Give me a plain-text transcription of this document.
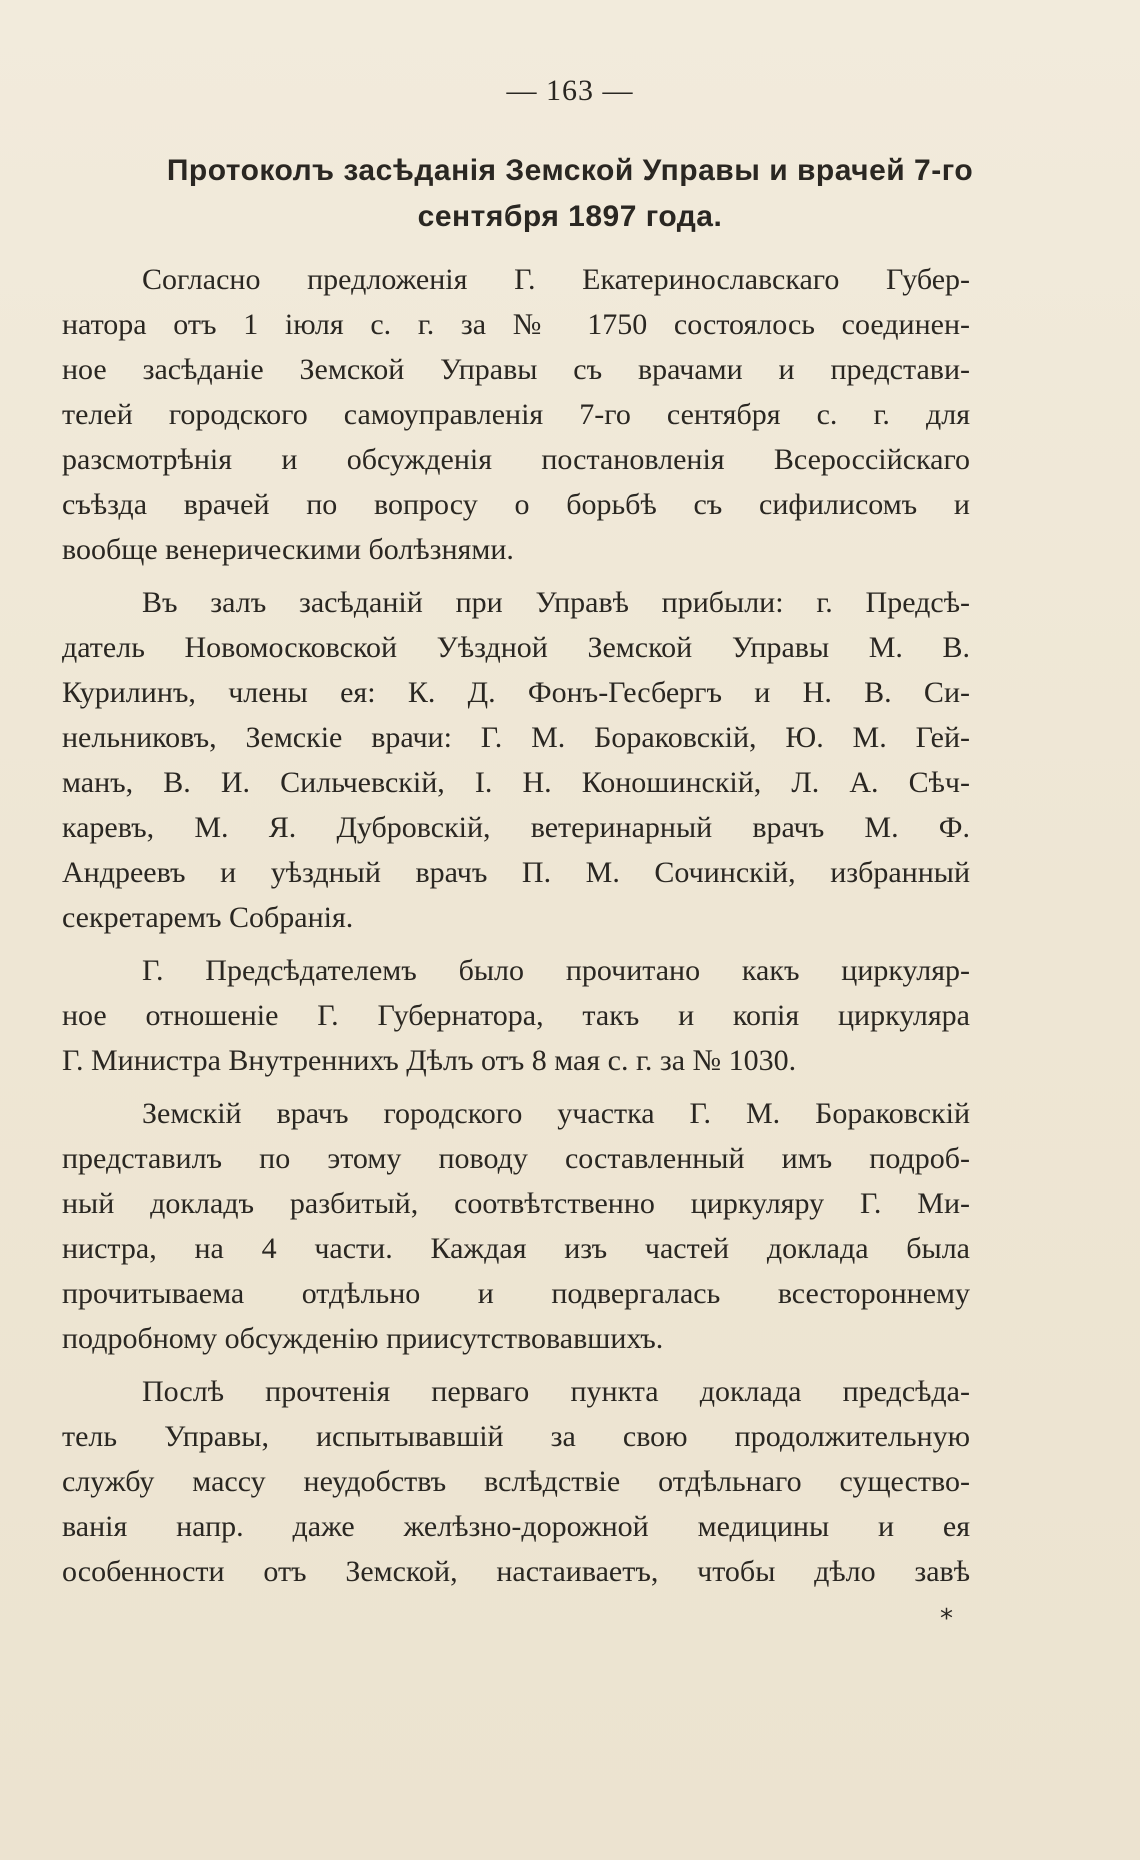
— 163 —
Протоколъ засѣданія Земской Управы и врачей 7-го
сентября 1897 года.
Согласно предложенія Г. Екатеринославскаго Губер-
натора отъ 1 іюля с. г. за № 1750 состоялось соединен-
ное засѣданіе Земской Управы съ врачами и представи-
телей городского самоуправленія 7-го сентября с. г. для
разсмотрѣнія и обсужденія постановленія Всероссійскаго
съѣзда врачей по вопросу о борьбѣ съ сифилисомъ и
вообще венерическими болѣзнями.
Въ залъ засѣданій при Управѣ прибыли: г. Предсѣ-
датель Новомосковской Уѣздной Земской Управы М. В.
Курилинъ, члены ея: К. Д. Фонъ-Гесбергъ и Н. В. Си-
нельниковъ, Земскіе врачи: Г. М. Бораковскій, Ю. М. Гей-
манъ, В. И. Сильчевскій, І. Н. Коношинскій, Л. А. Сѣч-
каревъ, М. Я. Дубровскій, ветеринарный врачъ М. Ф.
Андреевъ и уѣздный врачъ П. М. Сочинскій, избранный
секретаремъ Собранія.
Г. Предсѣдателемъ было прочитано какъ циркуляр-
ное отношеніе Г. Губернатора, такъ и копія циркуляра
Г. Министра Внутреннихъ Дѣлъ отъ 8 мая с. г. за № 1030.
Земскій врачъ городского участка Г. М. Бораковскій
представилъ по этому поводу составленный имъ подроб-
ный докладъ разбитый, соотвѣтственно циркуляру Г. Ми-
нистра, на 4 части. Каждая изъ частей доклада была
прочитываема отдѣльно и подвергалась всестороннему
подробному обсужденію приисутствовавшихъ.
Послѣ прочтенія перваго пункта доклада предсѣда-
тель Управы, испытывавшій за свою продолжительную
службу массу неудобствъ вслѣдствіе отдѣльнаго существо-
ванія напр. даже желѣзно-дорожной медицины и ея
особенности отъ Земской, настаиваетъ, чтобы дѣло завѣ
*
